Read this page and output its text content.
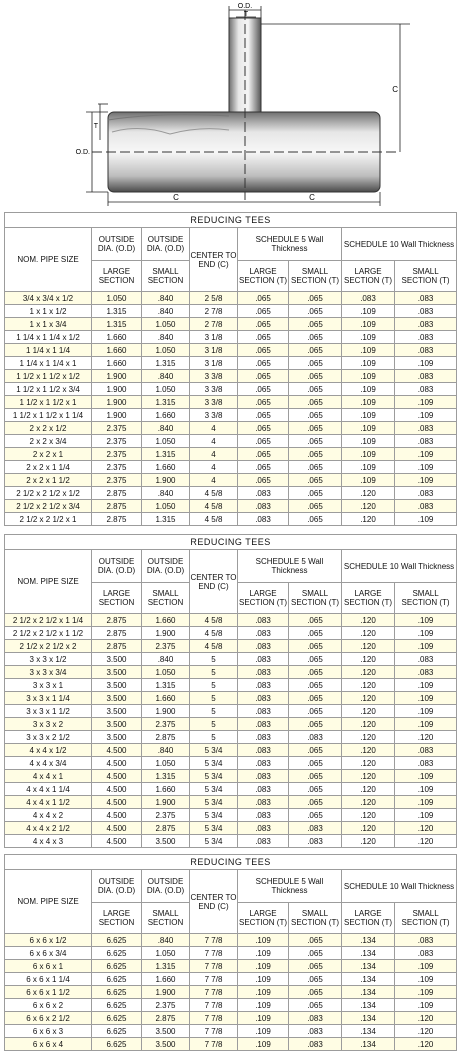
O.D.
T
C
T
O.D.
C	C
REDUCING TEES							
NOM. PIPE SIZE	OUTSIDE DIA. (O.D)	OUTSIDE DIA. (O.D)	CENTER TO END (C)	SCHEDULE 5 Wall Thickness		SCHEDULE 10 Wall Thickness	
	LARGE SECTION	SMALL SECTION		LARGE SECTION (T)	SMALL SECTION (T)	LARGE SECTION (T)	SMALL SECTION (T)
3/4 x 3/4 x 1/2	1.050	.840	2 5/8	.065	.065	.083	.083
1 x 1 x 1/2	1.315	.840	2 7/8	.065	.065	.109	.083
1 x 1 x 3/4	1.315	1.050	2 7/8	.065	.065	.109	.083
1 1/4 x 1 1/4 x 1/2	1.660	.840	3 1/8	.065	.065	.109	.083
1 1/4 x 1 1/4	1.660	1.050	3 1/8	.065	.065	.109	.083
1 1/4 x 1 1/4 x 1	1.660	1.315	3 1/8	.065	.065	.109	.109
1 1/2 x 1 1/2 x 1/2	1.900	.840	3 3/8	.065	.065	.109	.083
1 1/2 x 1 1/2 x 3/4	1.900	1.050	3 3/8	.065	.065	.109	.083
1 1/2 x 1 1/2 x 1	1.900	1.315	3 3/8	.065	.065	.109	.109
1 1/2 x 1 1/2 x 1 1/4	1.900	1.660	3 3/8	.065	.065	.109	.109
2 x 2 x 1/2	2.375	.840	4	.065	.065	.109	.083
2 x 2 x 3/4	2.375	1.050	4	.065	.065	.109	.083
2 x 2 x 1	2.375	1.315	4	.065	.065	.109	.109
2 x 2 x 1 1/4	2.375	1.660	4	.065	.065	.109	.109
2 x 2 x 1 1/2	2.375	1.900	4	.065	.065	.109	.109
2 1/2 x 2 1/2 x 1/2	2.875	.840	4 5/8	.083	.065	.120	.083
2 1/2 x 2 1/2 x 3/4	2.875	1.050	4 5/8	.083	.065	.120	.083
2 1/2 x 2 1/2 x 1	2.875	1.315	4 5/8	.083	.065	.120	.109
REDUCING TEES							
NOM. PIPE SIZE	OUTSIDE DIA. (O.D)	OUTSIDE DIA. (O.D)	CENTER TO END (C)	SCHEDULE 5 Wall Thickness		SCHEDULE 10 Wall Thickness	
	LARGE SECTION	SMALL SECTION		LARGE SECTION (T)	SMALL SECTION (T)	LARGE SECTION (T)	SMALL SECTION (T)
2 1/2 x 2 1/2 x 1 1/4	2.875	1.660	4 5/8	.083	.065	.120	.109
2 1/2 x 2 1/2 x 1 1/2	2.875	1.900	4 5/8	.083	.065	.120	.109
2 1/2 x 2 1/2 x 2	2.875	2.375	4 5/8	.083	.065	.120	.109
3 x 3 x 1/2	3.500	.840	5	.083	.065	.120	.083
3 x 3 x 3/4	3.500	1.050	5	.083	.065	.120	.083
3 x 3 x 1	3.500	1.315	5	.083	.065	.120	.109
3 x 3 x 1 1/4	3.500	1.660	5	.083	.065	.120	.109
3 x 3 x 1 1/2	3.500	1.900	5	.083	.065	.120	.109
3 x 3 x 2	3.500	2.375	5	.083	.065	.120	.109
3 x 3 x 2 1/2	3.500	2.875	5	.083	.083	.120	.120
4 x 4 x 1/2	4.500	.840	5 3/4	.083	.065	.120	.083
4 x 4 x 3/4	4.500	1.050	5 3/4	.083	.065	.120	.083
4 x 4 x 1	4.500	1.315	5 3/4	.083	.065	.120	.109
4 x 4 x 1 1/4	4.500	1.660	5 3/4	.083	.065	.120	.109
4 x 4 x 1 1/2	4.500	1.900	5 3/4	.083	.065	.120	.109
4 x 4 x 2	4.500	2.375	5 3/4	.083	.065	.120	.109
4 x 4 x 2 1/2	4.500	2.875	5 3/4	.083	.083	.120	.120
4 x 4 x 3	4.500	3.500	5 3/4	.083	.083	.120	.120
REDUCING TEES							
NOM. PIPE SIZE	OUTSIDE DIA. (O.D)	OUTSIDE DIA. (O.D)	CENTER TO END (C)	SCHEDULE 5 Wall Thickness		SCHEDULE 10 Wall Thickness	
	LARGE SECTION	SMALL SECTION		LARGE SECTION (T)	SMALL SECTION (T)	LARGE SECTION (T)	SMALL SECTION (T)
6 x 6 x 1/2	6.625	.840	7 7/8	.109	.065	.134	.083
6 x 6 x 3/4	6.625	1.050	7 7/8	.109	.065	.134	.083
6 x 6 x 1	6.625	1.315	7 7/8	.109	.065	.134	.109
6 x 6 x 1 1/4	6.625	1.660	7 7/8	.109	.065	.134	.109
6 x 6 x 1 1/2	6.625	1.900	7 7/8	.109	.065	.134	.109
6 x 6 x 2	6.625	2.375	7 7/8	.109	.065	.134	.109
6 x 6 x 2 1/2	6.625	2.875	7 7/8	.109	.083	.134	.120
6 x 6 x 3	6.625	3.500	7 7/8	.109	.083	.134	.120
6 x 6 x 4	6.625	3.500	7 7/8	.109	.083	.134	.120
